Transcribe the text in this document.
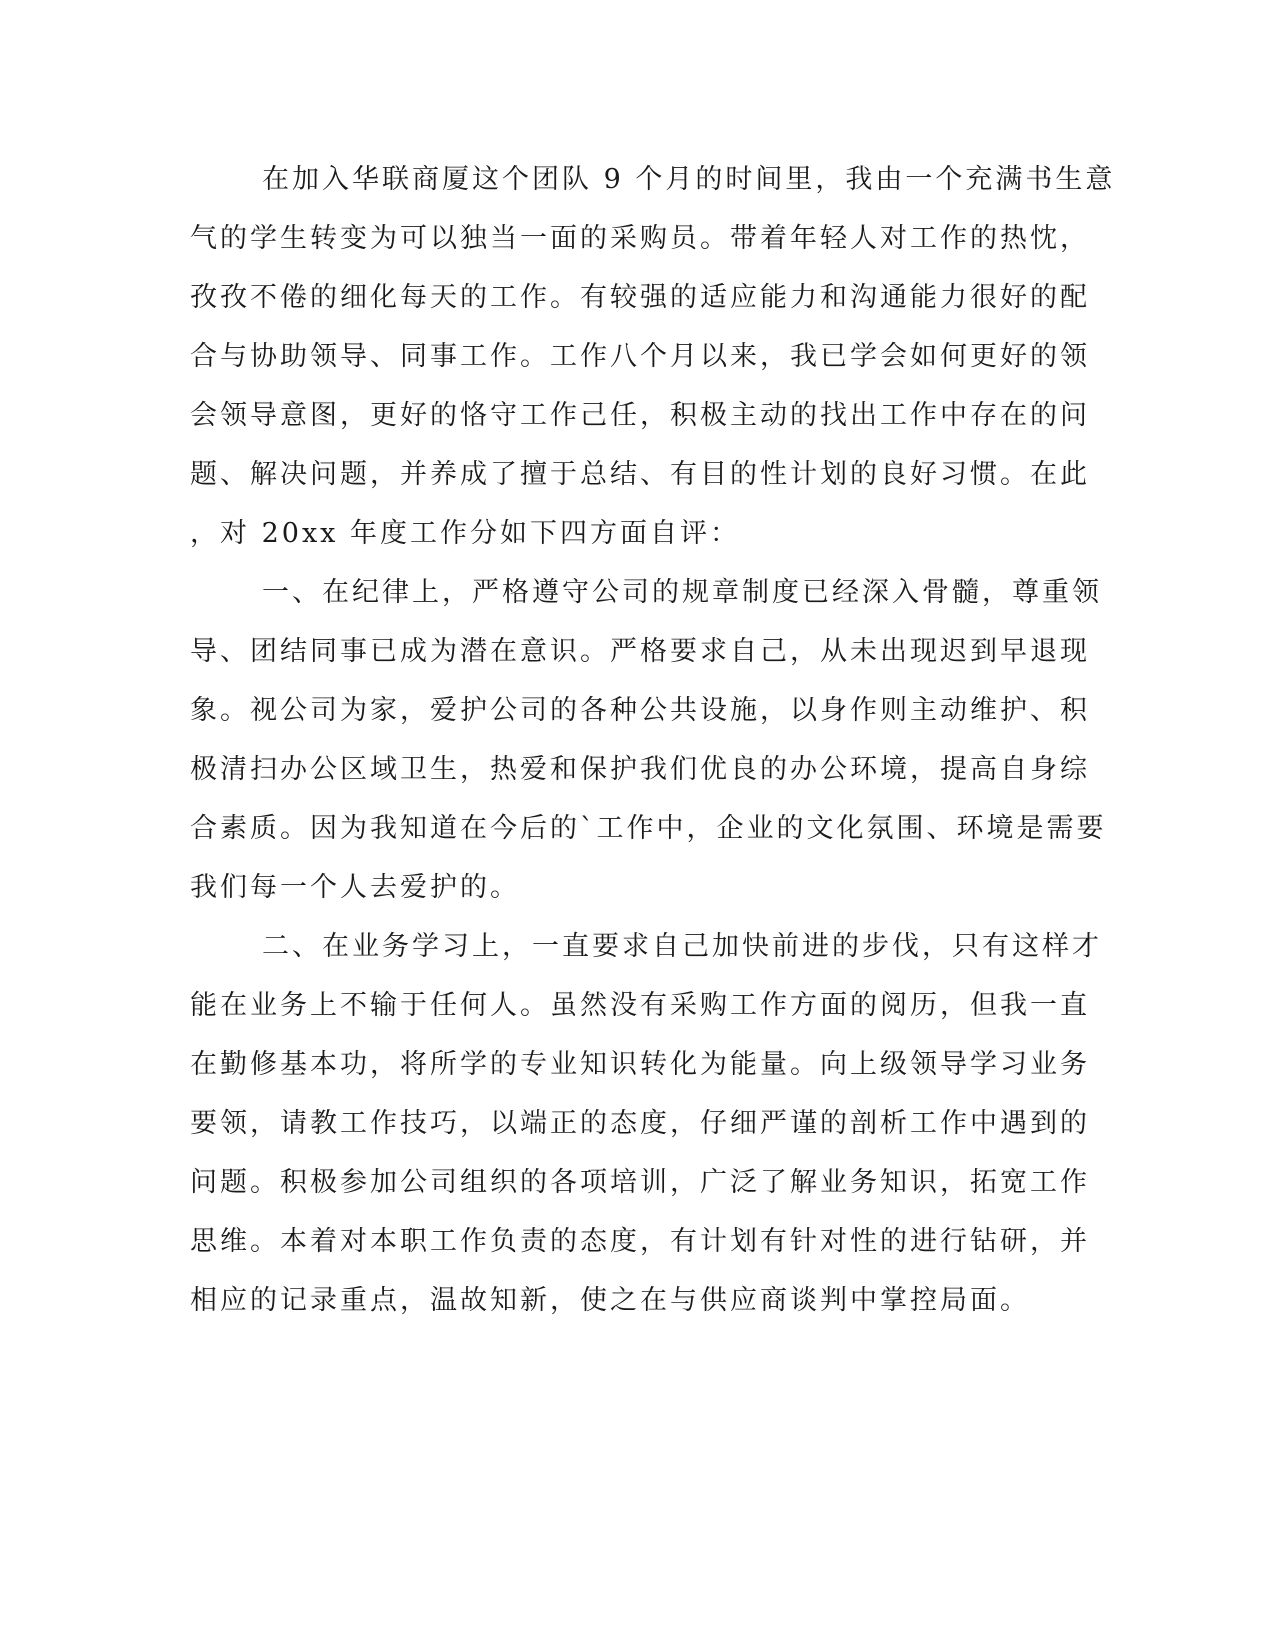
在加入华联商厦这个团队 9 个月的时间里，我由一个充满书生意
气的学生转变为可以独当一面的采购员。带着年轻人对工作的热忱，
孜孜不倦的细化每天的工作。有较强的适应能力和沟通能力很好的配
合与协助领导、同事工作。工作八个月以来，我已学会如何更好的领
会领导意图，更好的恪守工作己任，积极主动的找出工作中存在的问
题、解决问题，并养成了擅于总结、有目的性计划的良好习惯。在此
，对 20xx 年度工作分如下四方面自评：
一、在纪律上，严格遵守公司的规章制度已经深入骨髓，尊重领
导、团结同事已成为潜在意识。严格要求自己，从未出现迟到早退现
象。视公司为家，爱护公司的各种公共设施，以身作则主动维护、积
极清扫办公区域卫生，热爱和保护我们优良的办公环境，提高自身综
合素质。因为我知道在今后的`工作中，企业的文化氛围、环境是需要
我们每一个人去爱护的。
二、在业务学习上，一直要求自己加快前进的步伐，只有这样才
能在业务上不输于任何人。虽然没有采购工作方面的阅历，但我一直
在勤修基本功，将所学的专业知识转化为能量。向上级领导学习业务
要领，请教工作技巧，以端正的态度，仔细严谨的剖析工作中遇到的
问题。积极参加公司组织的各项培训，广泛了解业务知识，拓宽工作
思维。本着对本职工作负责的态度，有计划有针对性的进行钻研，并
相应的记录重点，温故知新，使之在与供应商谈判中掌控局面。
